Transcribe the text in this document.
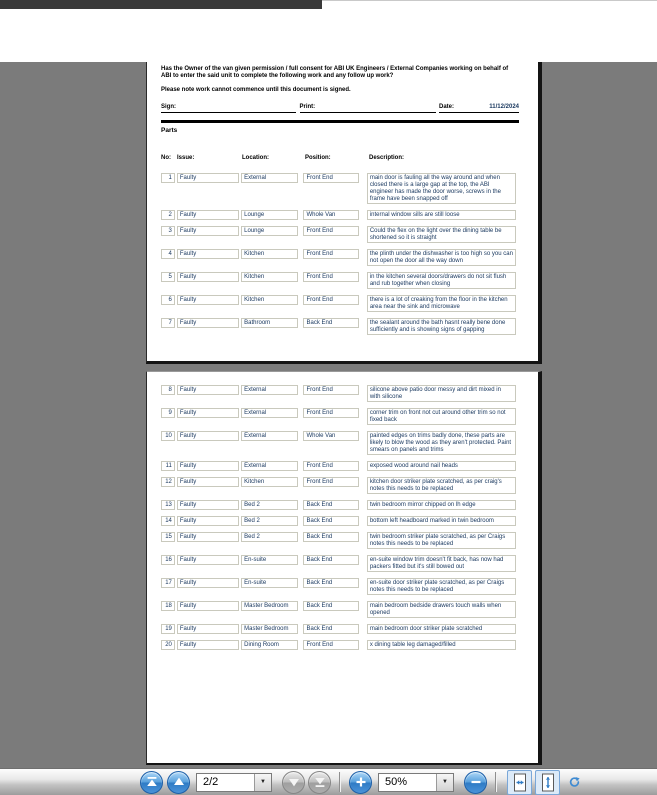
Has the Owner of the van given permission / full consent for ABI UK Engineers / External Companies working on behalf of ABI to enter the said unit to complete the following work and any follow up work?
Please note work cannot commence until this document is signed.
Sign:	Print:	Date:	11/12/2024
Parts
No:	Issue:	Location:	Position:	Description:
1	Faulty	External	Front End	main door is fauling all the way around and when closed there is a large gap at the top, the ABI engineer has made the door worse, screws in the frame have been snapped off
2	Faulty	Lounge	Whole Van	internal window sills are still loose
3	Faulty	Lounge	Front End	Could the flex on the light over the dining table be shortened so it is straight
4	Faulty	Kitchen	Front End	the plinth under the dishwasher is too high so you can not open the door all the way down
5	Faulty	Kitchen	Front End	in the kitchen several doors/drawers do not sit flush and rub together when closing
6	Faulty	Kitchen	Front End	there is a lot of creaking from the floor in the kitchen area near the sink and microwave
7	Faulty	Bathroom	Back End	the sealant around the bath hasnt really bene done sufficiently and is showing signs of gapping
8	Faulty	External	Front End	silicone above patio door messy and dirt mixed in with silicone
9	Faulty	External	Front End	corner trim on front not cut around other trim so not fixed back
10	Faulty	External	Whole Van	painted edges on trims badly done, these parts are likely to blow the wood as they aren't protected. Paint smears on panels and trims
11	Faulty	External	Front End	exposed wood around nail heads
12	Faulty	Kitchen	Front End	kitchen door striker plate scratched, as per craig's notes this needs to be replaced
13	Faulty	Bed 2	Back End	twin bedroom mirror chipped on lh edge
14	Faulty	Bed 2	Back End	bottom left headboard marked in twin bedroom
15	Faulty	Bed 2	Back End	twin bedroom striker plate scratched, as per Craigs notes this needs to be replaced
16	Faulty	En-suite	Back End	en-suite window trim doesn't fit back, has now had packers fitted but it's still bowed out
17	Faulty	En-suite	Back End	en-suite door striker plate scratched, as per Craigs notes this needs to be replaced
18	Faulty	Master Bedroom	Back End	main bedroom bedside drawers touch walls when opened
19	Faulty	Master Bedroom	Back End	main bedroom door striker plate scratched
20	Faulty	Dining Room	Front End	x dining table leg damaged/filled
2/2	▼	50%	▼
